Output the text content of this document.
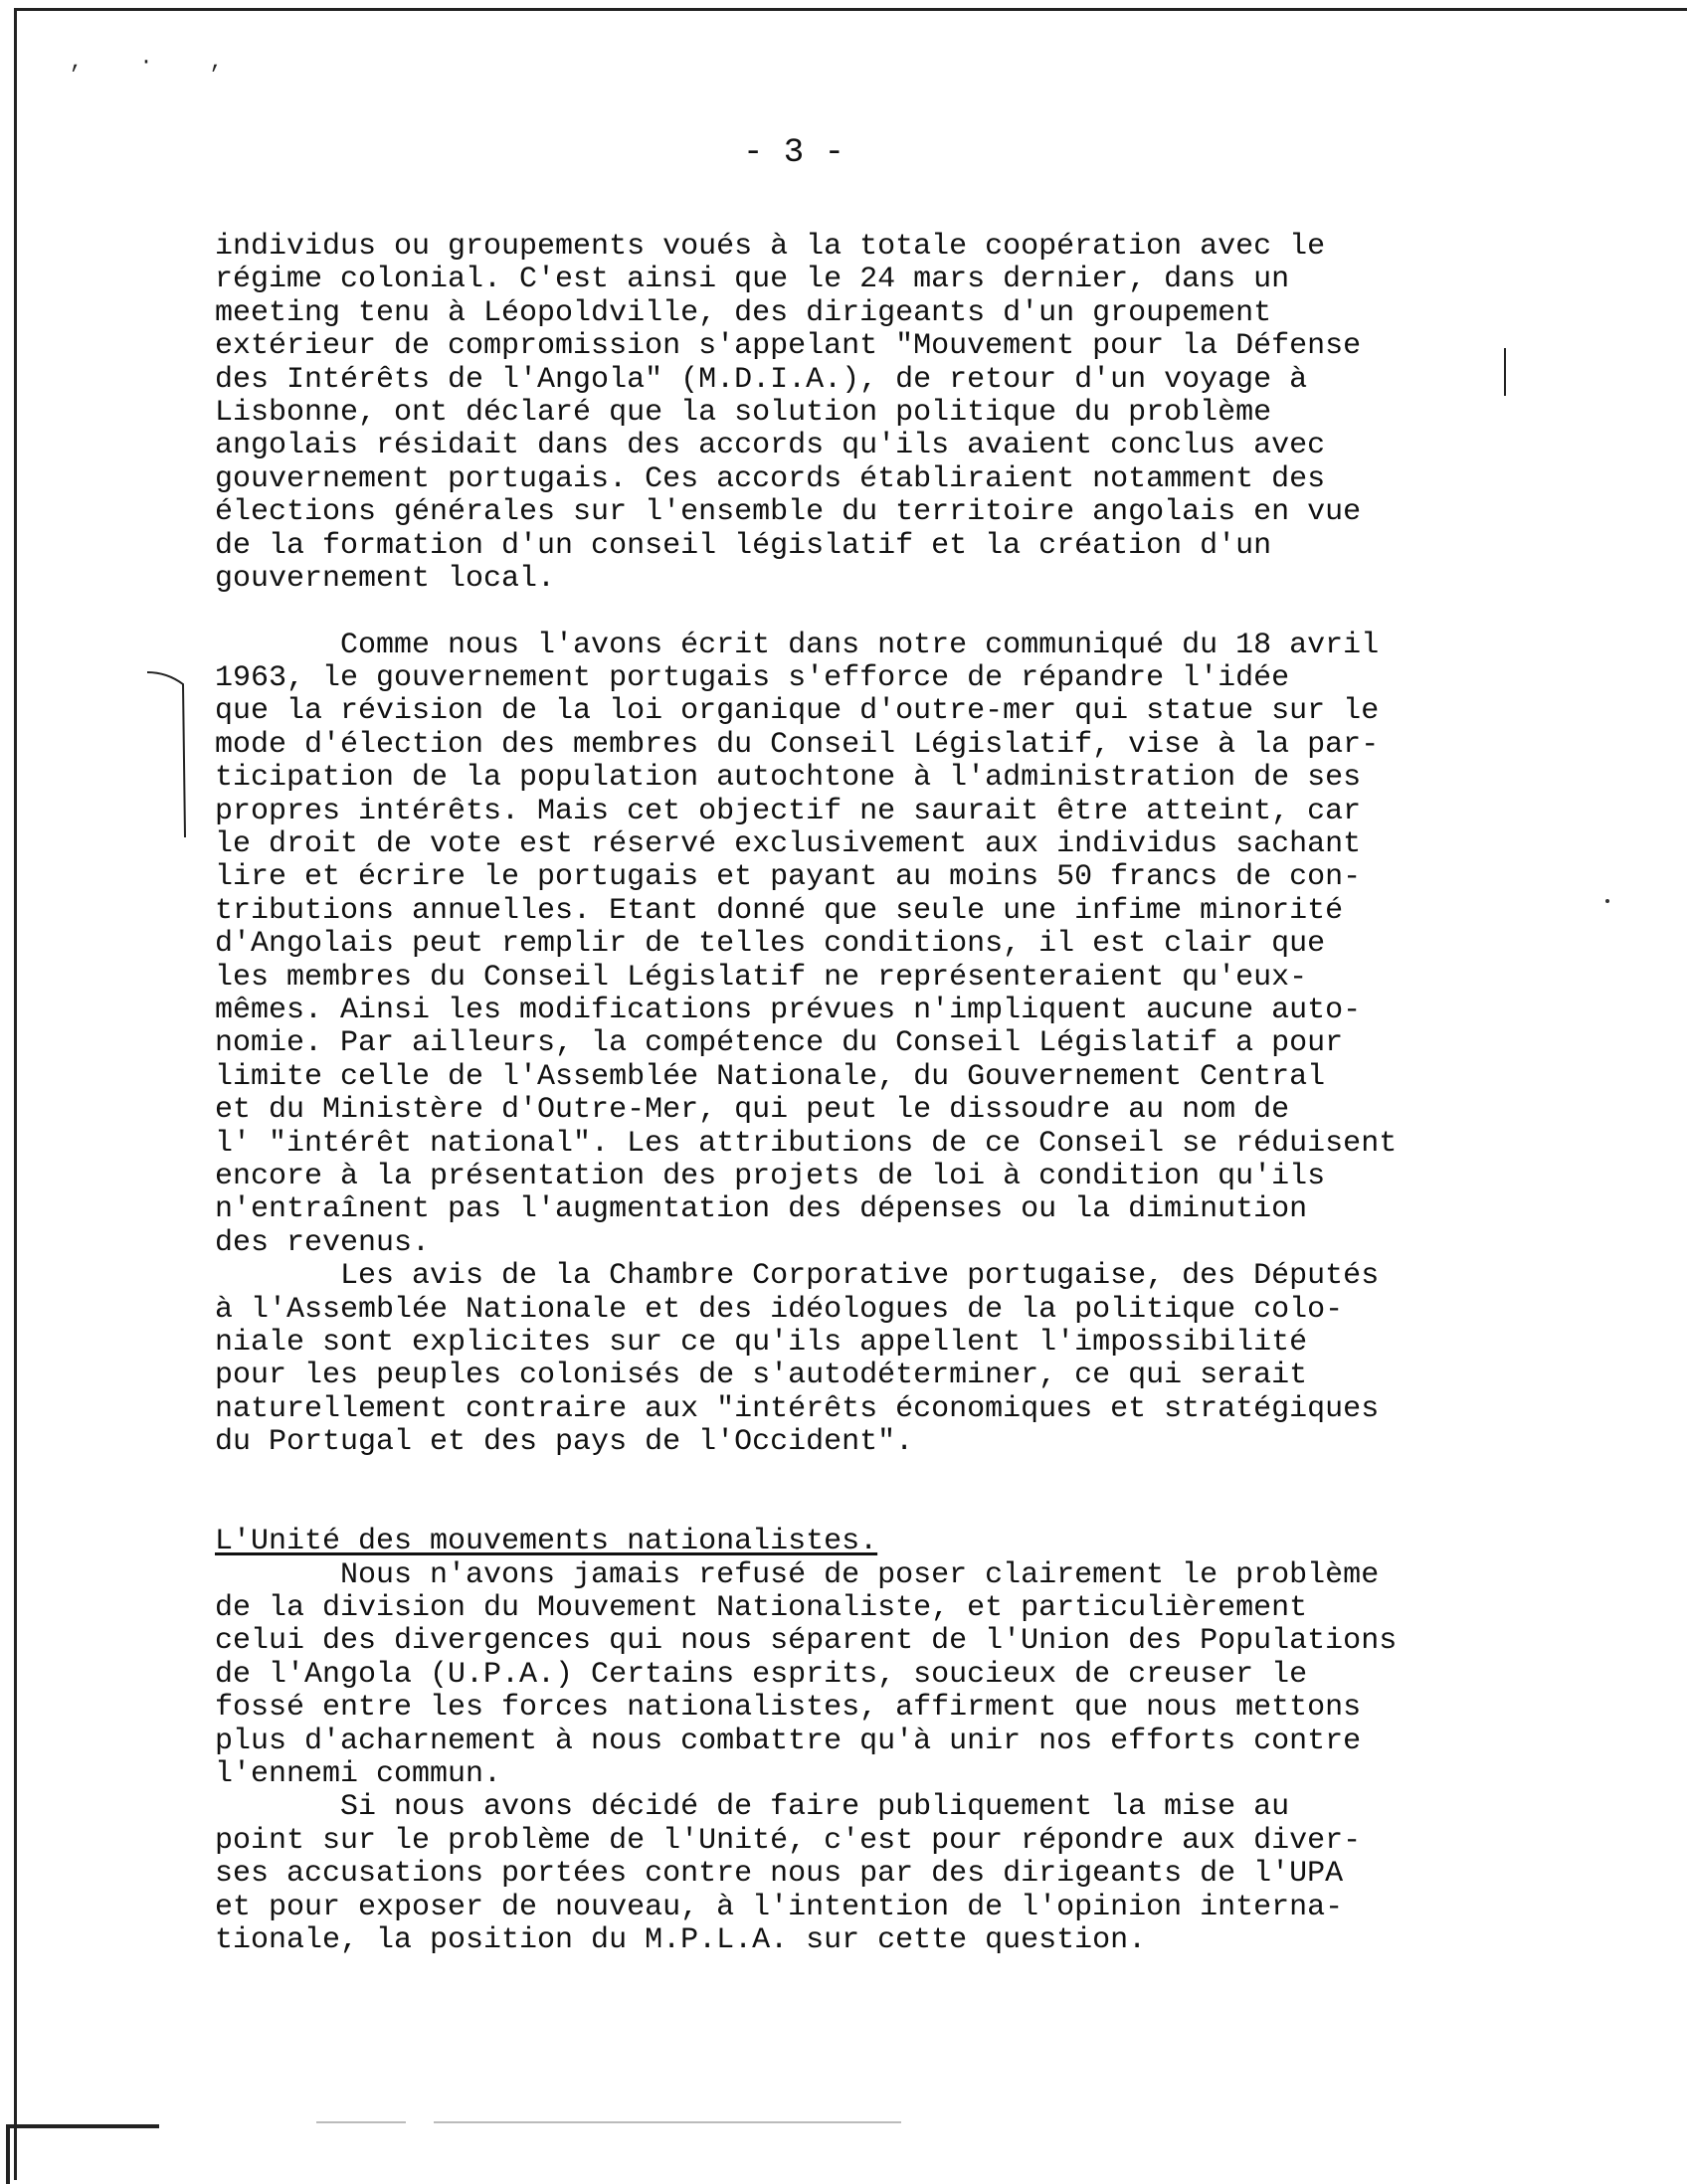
, · ,
- 3 -
individus ou groupements voués à la totale coopération avec le
régime colonial. C'est ainsi que le 24 mars dernier, dans un
meeting tenu à Léopoldville, des dirigeants d'un groupement
extérieur de compromission s'appelant "Mouvement pour la Défense
des Intérêts de l'Angola" (M.D.I.A.), de retour d'un voyage à
Lisbonne, ont déclaré que la solution politique du problème
angolais résidait dans des accords qu'ils avaient conclus avec
gouvernement portugais. Ces accords établiraient notamment des
élections générales sur l'ensemble du territoire angolais en vue
de la formation d'un conseil législatif et la création d'un
gouvernement local.
Comme nous l'avons écrit dans notre communiqué du 18 avril
1963, le gouvernement portugais s'efforce de répandre l'idée
que la révision de la loi organique d'outre-mer qui statue sur le
mode d'élection des membres du Conseil Législatif, vise à la par-
ticipation de la population autochtone à l'administration de ses
propres intérêts. Mais cet objectif ne saurait être atteint, car
le droit de vote est réservé exclusivement aux individus sachant
lire et écrire le portugais et payant au moins 50 francs de con-
tributions annuelles. Etant donné que seule une infime minorité
d'Angolais peut remplir de telles conditions, il est clair que
les membres du Conseil Législatif ne représenteraient qu'eux-
mêmes. Ainsi les modifications prévues n'impliquent aucune auto-
nomie. Par ailleurs, la compétence du Conseil Législatif a pour
limite celle de l'Assemblée Nationale, du Gouvernement Central
et du Ministère d'Outre-Mer, qui peut le dissoudre au nom de
l' "intérêt national". Les attributions de ce Conseil se réduisent
encore à la présentation des projets de loi à condition qu'ils
n'entraînent pas l'augmentation des dépenses ou la diminution
des revenus.
Les avis de la Chambre Corporative portugaise, des Députés
à l'Assemblée Nationale et des idéologues de la politique colo-
niale sont explicites sur ce qu'ils appellent l'impossibilité
pour les peuples colonisés de s'autodéterminer, ce qui serait
naturellement contraire aux "intérêts économiques et stratégiques
du Portugal et des pays de l'Occident".
L'Unité des mouvements nationalistes.
Nous n'avons jamais refusé de poser clairement le problème
de la division du Mouvement Nationaliste, et particulièrement
celui des divergences qui nous séparent de l'Union des Populations
de l'Angola (U.P.A.) Certains esprits, soucieux de creuser le
fossé entre les forces nationalistes, affirment que nous mettons
plus d'acharnement à nous combattre qu'à unir nos efforts contre
l'ennemi commun.
Si nous avons décidé de faire publiquement la mise au
point sur le problème de l'Unité, c'est pour répondre aux diver-
ses accusations portées contre nous par des dirigeants de l'UPA
et pour exposer de nouveau, à l'intention de l'opinion interna-
tionale, la position du M.P.L.A. sur cette question.
